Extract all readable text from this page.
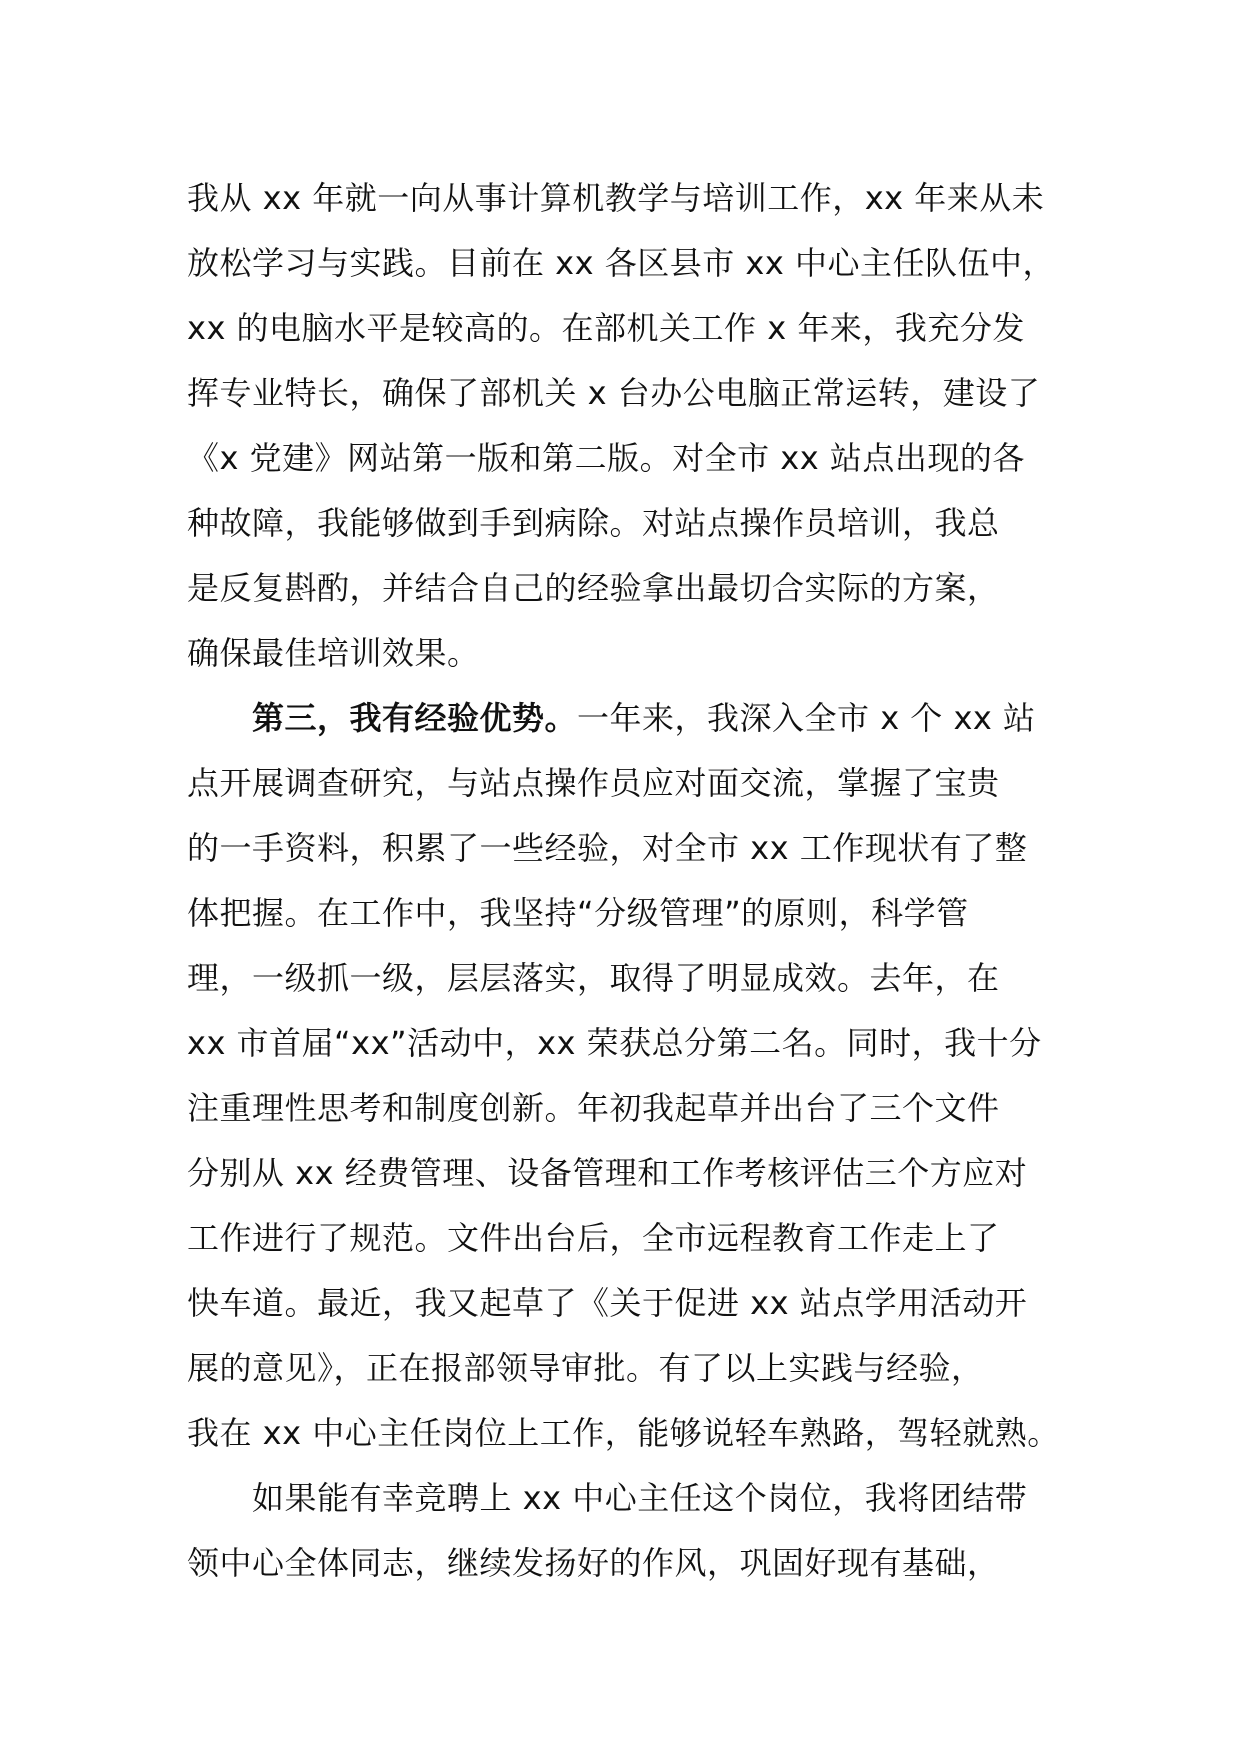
我从 xx 年就一向从事计算机教学与培训工作，xx 年来从未
放松学习与实践。目前在 xx 各区县市 xx 中心主任队伍中，
xx 的电脑水平是较高的。在部机关工作 x 年来，我充分发
挥专业特长，确保了部机关 x 台办公电脑正常运转，建设了
《x 党建》网站第一版和第二版。对全市 xx 站点出现的各
种故障，我能够做到手到病除。对站点操作员培训，我总
是反复斟酌，并结合自己的经验拿出最切合实际的方案，
确保最佳培训效果。
第三，我有经验优势。一年来，我深入全市 x 个 xx 站
点开展调查研究，与站点操作员应对面交流，掌握了宝贵
的一手资料，积累了一些经验，对全市 xx 工作现状有了整
体把握。在工作中，我坚持“分级管理”的原则，科学管
理，一级抓一级，层层落实，取得了明显成效。去年，在
xx 市首届“xx”活动中，xx 荣获总分第二名。同时，我十分
注重理性思考和制度创新。年初我起草并出台了三个文件
分别从 xx 经费管理、设备管理和工作考核评估三个方应对
工作进行了规范。文件出台后，全市远程教育工作走上了
快车道。最近，我又起草了《关于促进 xx 站点学用活动开
展的意见》，正在报部领导审批。有了以上实践与经验，
我在 xx 中心主任岗位上工作，能够说轻车熟路，驾轻就熟。
如果能有幸竞聘上 xx 中心主任这个岗位，我将团结带
领中心全体同志，继续发扬好的作风，巩固好现有基础，
